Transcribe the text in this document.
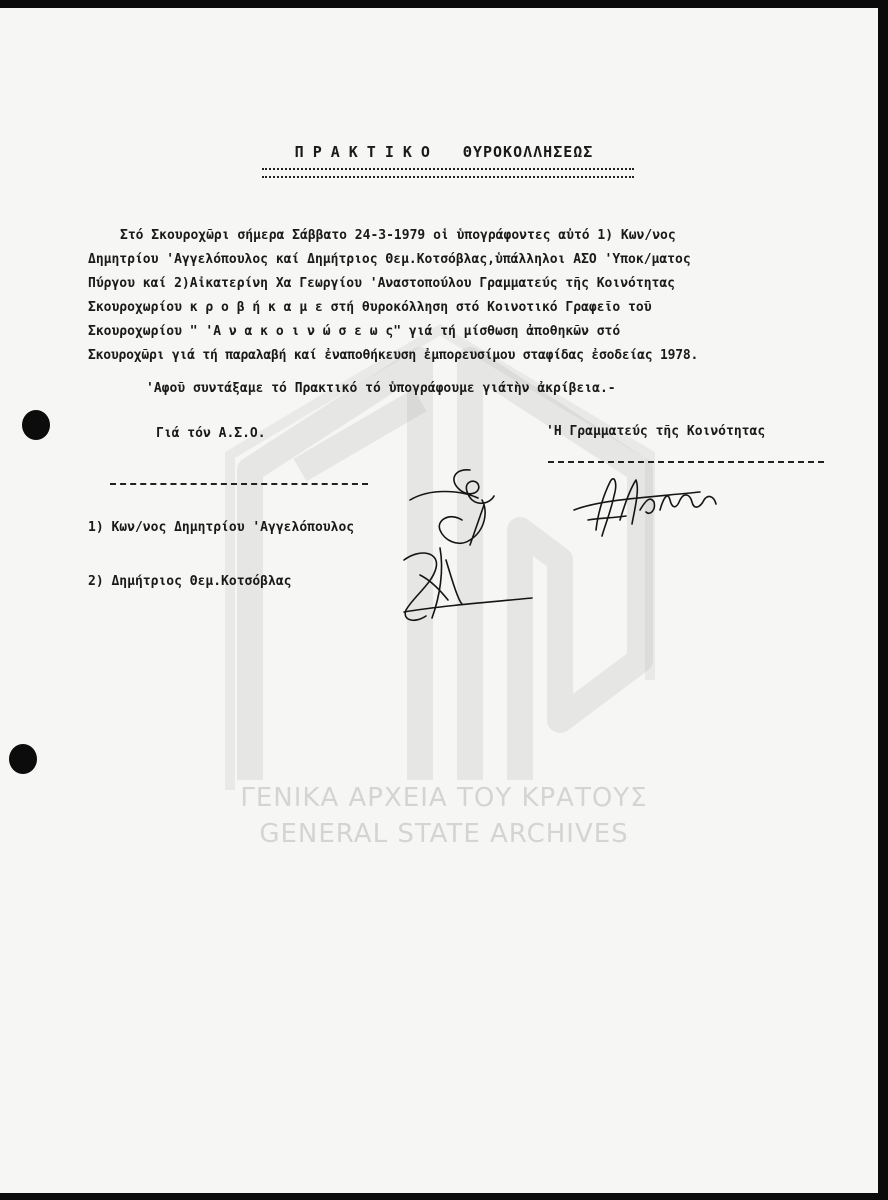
ΓΕΝΙΚΑ ΑΡΧΕΙΑ ΤΟΥ ΚΡΑΤΟΥΣ
GENERAL STATE ARCHIVES
ΠΡΑΚΤΙΚΟ ΘΥΡΟΚΟΛΛΗΣΕΩΣ
Στό Σκουροχῶρι σήμερα Σάββατο 24-3-1979 οἱ ὑπογράφοντες αὐτό 1) Κων/νος
Δημητρίου 'Αγγελόπουλος καί Δημήτριος Θεμ.Κοτσόβλας,ὑπάλληλοι ΑΣΟ 'Υποκ/ματος
Πύργου καί 2)Αἰκατερίνη Χα Γεωργίου 'Αναστοπούλου Γραμματεύς τῆς Κοινότητας
Σκουροχωρίου κ ρ ο β ή κ α μ ε στή θυροκόλληση στό Κοινοτικό Γραφεῖο τοῦ
Σκουροχωρίου " 'Α ν α κ ο ι ν ώ σ ε ω ς" γιά τή μίσθωση ἀποθηκῶν στό
Σκουροχῶρι γιά τή παραλαβή καί ἐναποθήκευση ἐμπορευσίμου σταφίδας ἐσοδείας 1978.
'Αφοῦ συντάξαμε τό Πρακτικό τό ὑπογράφουμε γιάτὴν ἀκρίβεια.-
Γιά τόν Α.Σ.Ο.	'Η Γραμματεύς τῆς Κοινότητας
1) Κων/νος Δημητρίου 'Αγγελόπουλος
2) Δημήτριος Θεμ.Κοτσόβλας
